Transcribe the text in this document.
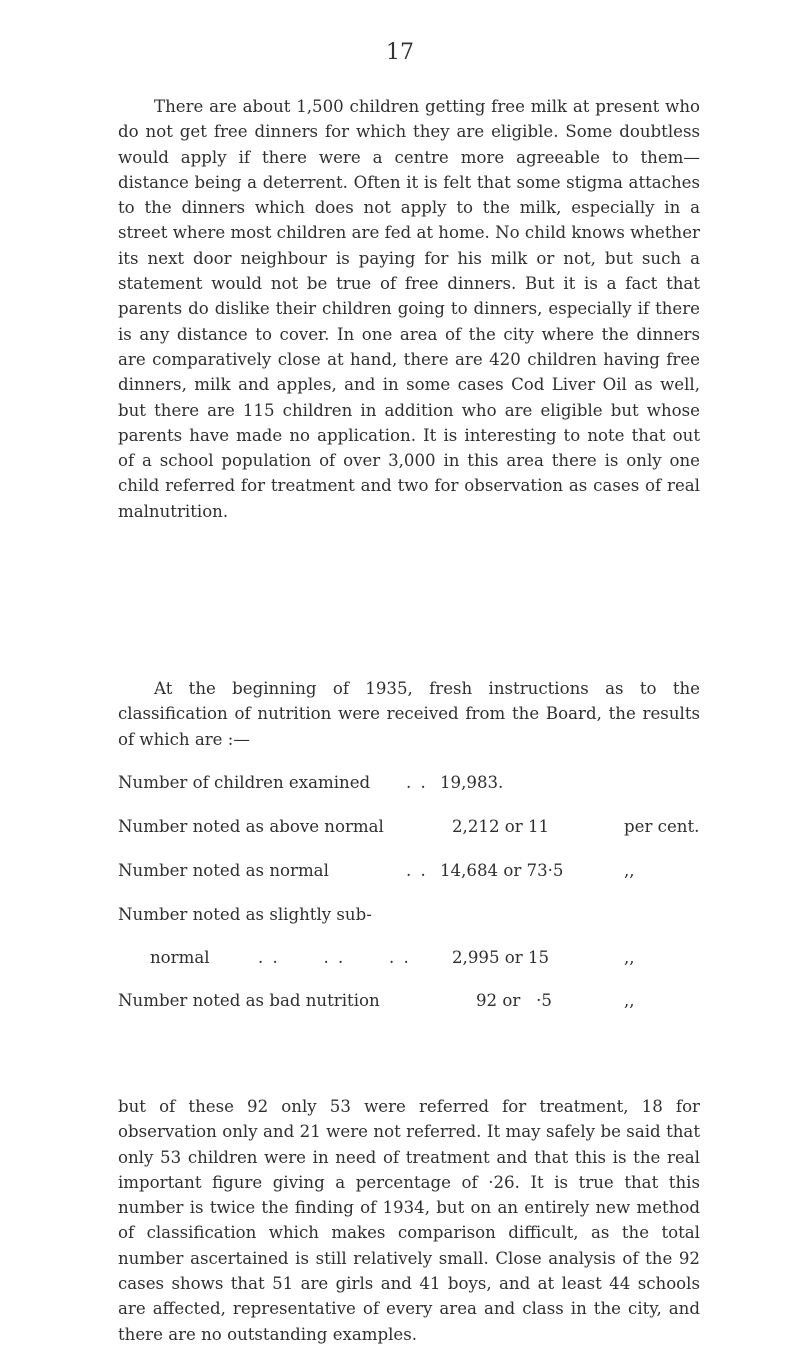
17

There are about 1,500 children getting free milk at present who do not get free dinners for which they are eligible. Some doubtless would apply if there were a centre more agreeable to them—distance being a deterrent. Often it is felt that some stigma attaches to the dinners which does not apply to the milk, especially in a street where most children are fed at home. No child knows whether its next door neighbour is paying for his milk or not, but such a statement would not be true of free dinners. But it is a fact that parents do dislike their children going to dinners, especially if there is any distance to cover. In one area of the city where the dinners are comparatively close at hand, there are 420 children having free dinners, milk and apples, and in some cases Cod Liver Oil as well, but there are 115 children in addition who are eligible but whose parents have made no application. It is interesting to note that out of a school population of over 3,000 in this area there is only one child referred for treatment and two for observation as cases of real malnutrition.

At the beginning of 1935, fresh instructions as to the classification of nutrition were received from the Board, the results of which are :—

Number of children examined . . 19,983.
Number noted as above normal	2,212 or 11	per cent.
Number noted as normal	. . 14,684 or 73·5	,,
Number noted as slightly sub-
normal	. .      . .      . . 2,995 or 15	,,
Number noted as bad nutrition	92 or   ·5	,,

but of these 92 only 53 were referred for treatment, 18 for observation only and 21 were not referred. It may safely be said that only 53 children were in need of treatment and that this is the real important figure giving a percentage of ·26. It is true that this number is twice the finding of 1934, but on an entirely new method of classification which makes comparison difficult, as the total number ascertained is still relatively small. Close analysis of the 92 cases shows that 51 are girls and 41 boys, and at least 44 schools are affected, representative of every area and class in the city, and there are no outstanding examples.
